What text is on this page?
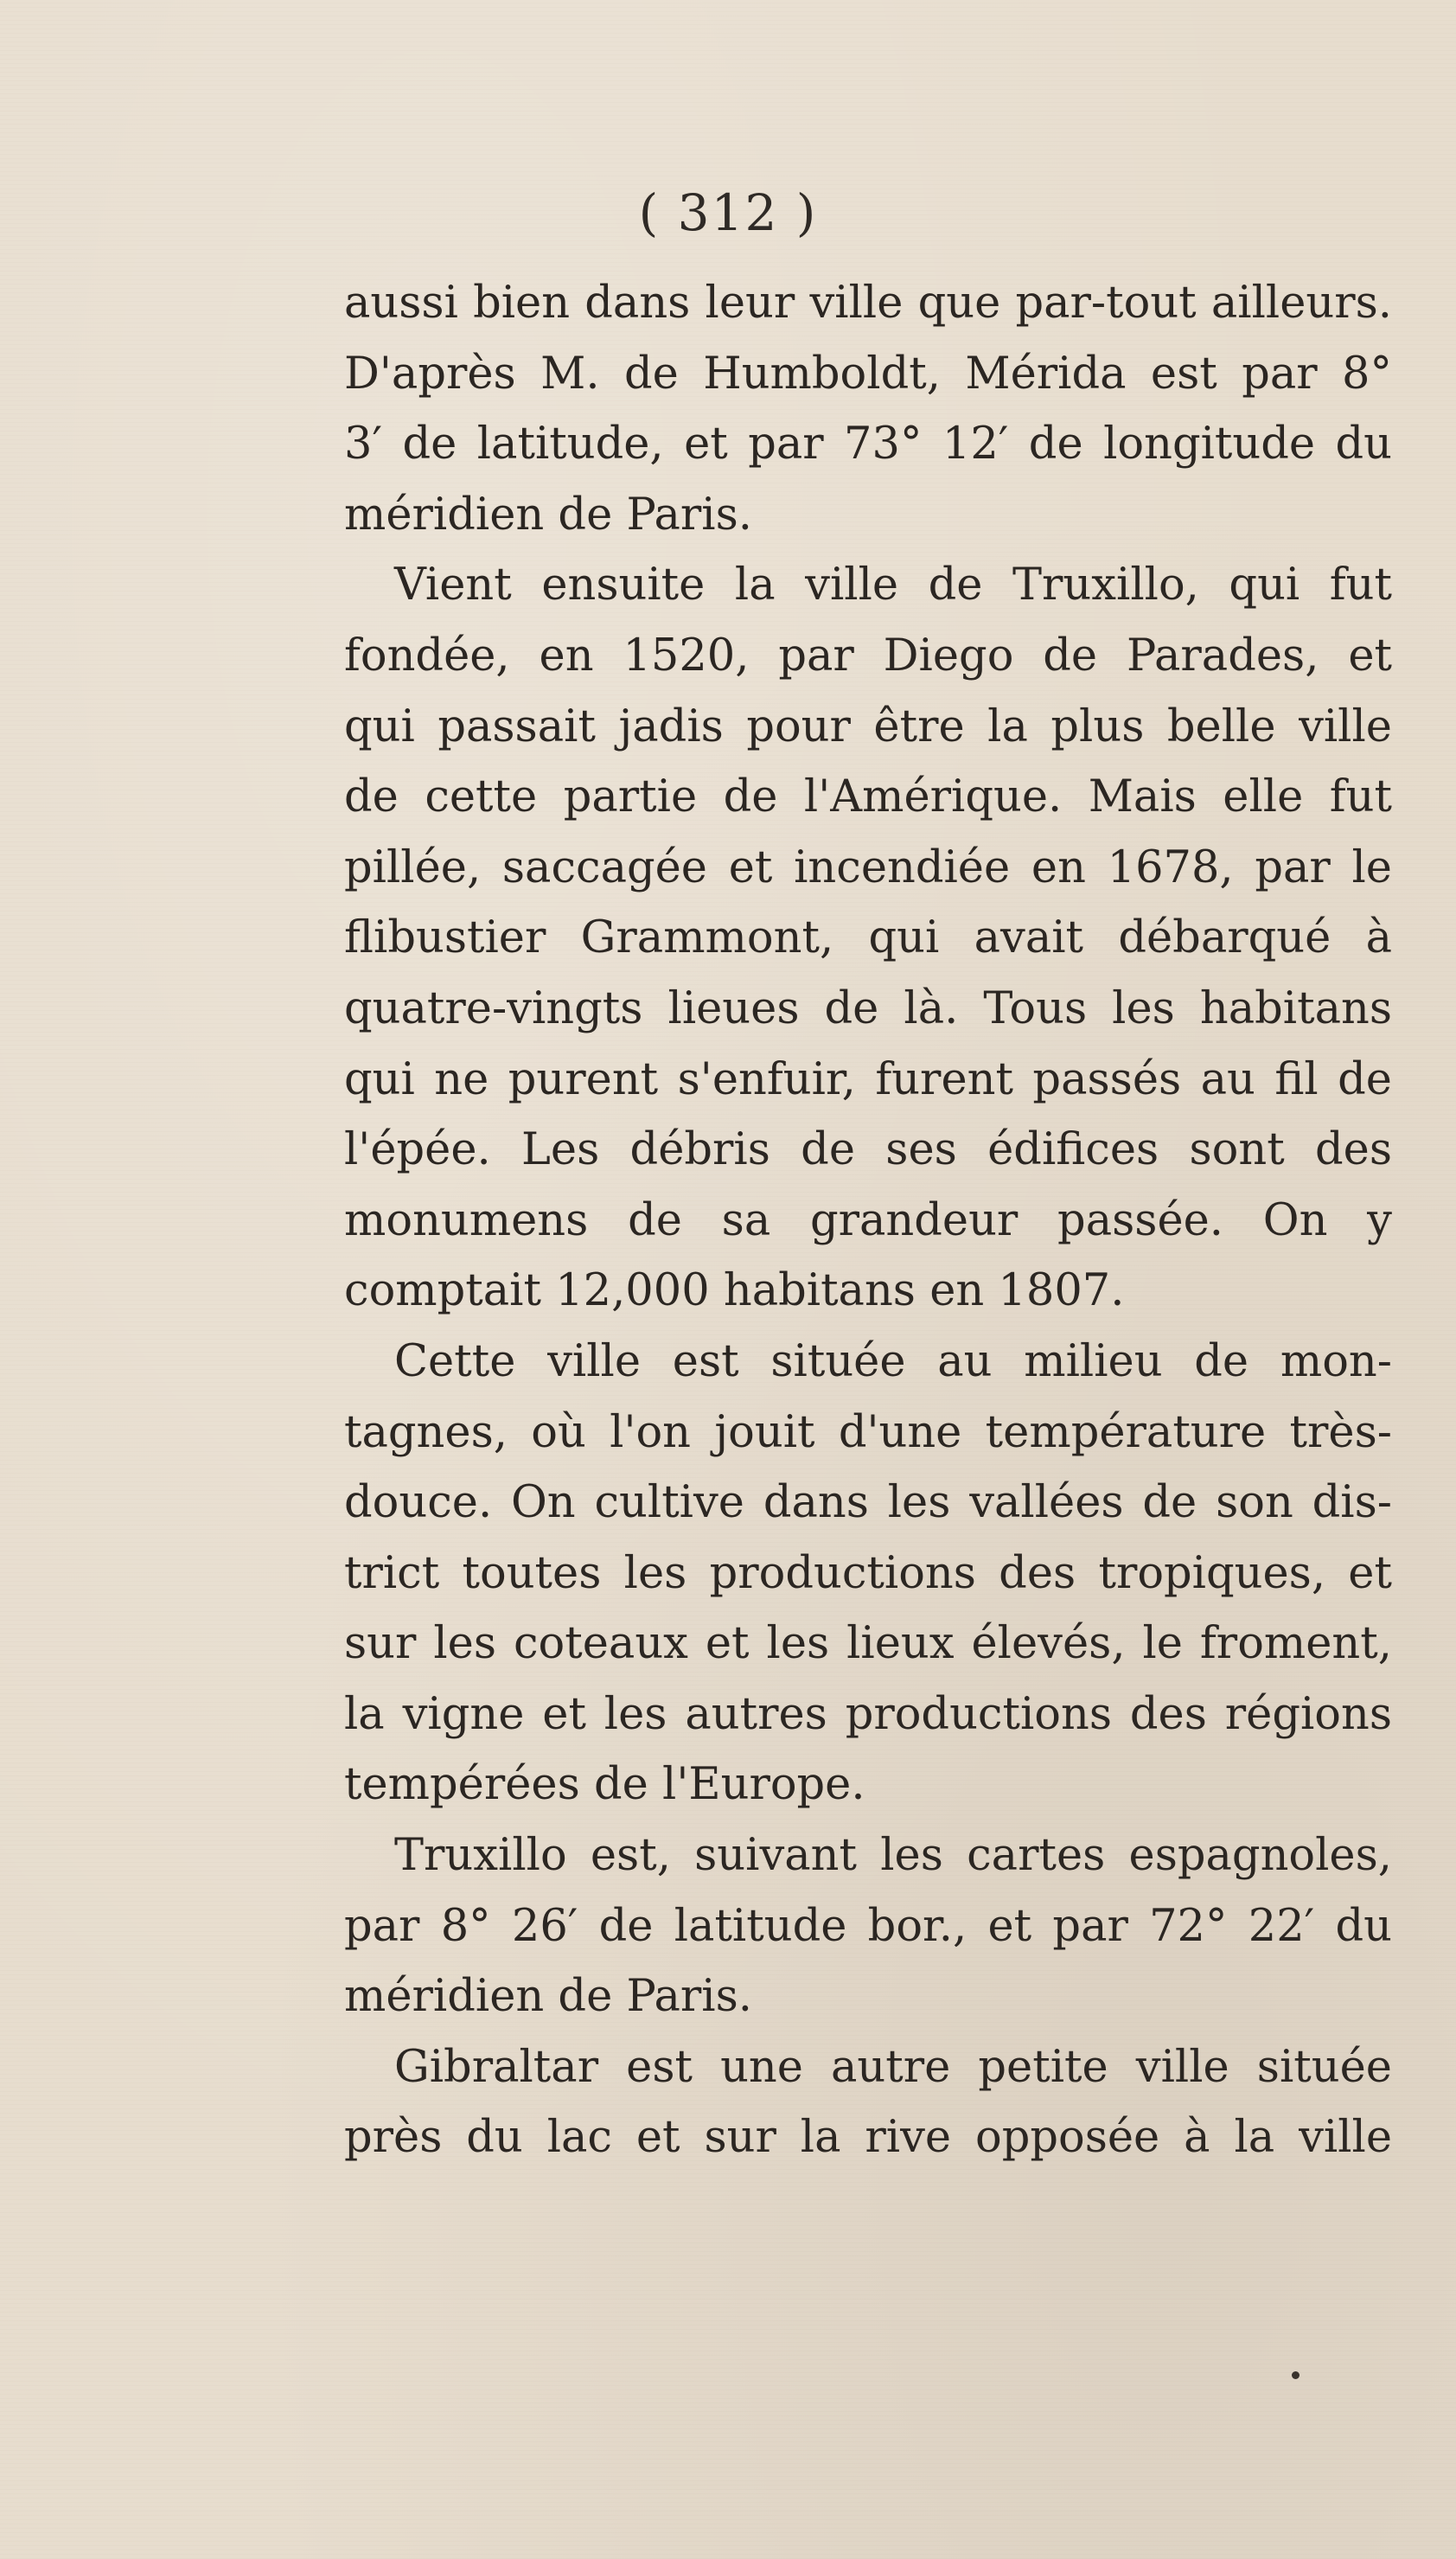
( 312 )
aussi bien dans leur ville que par-tout ailleurs.
D'après M. de Humboldt, Mérida est par 8°
3′ de latitude, et par 73° 12′ de longitude du
méridien de Paris.
Vient ensuite la ville de Truxillo, qui fut
fondée, en 1520, par Diego de Parades, et
qui passait jadis pour être la plus belle ville
de cette partie de l'Amérique. Mais elle fut
pillée, saccagée et incendiée en 1678, par le
flibustier Grammont, qui avait débarqué à
quatre-vingts lieues de là. Tous les habitans
qui ne purent s'enfuir, furent passés au fil de
l'épée. Les débris de ses édifices sont des
monumens de sa grandeur passée. On y
comptait 12,000 habitans en 1807.
Cette ville est située au milieu de mon-
tagnes, où l'on jouit d'une température très-
douce. On cultive dans les vallées de son dis-
trict toutes les productions des tropiques, et
sur les coteaux et les lieux élevés, le froment,
la vigne et les autres productions des régions
tempérées de l'Europe.
Truxillo est, suivant les cartes espagnoles,
par 8° 26′ de latitude bor., et par 72° 22′ du
méridien de Paris.
Gibraltar est une autre petite ville située
près du lac et sur la rive opposée à la ville
